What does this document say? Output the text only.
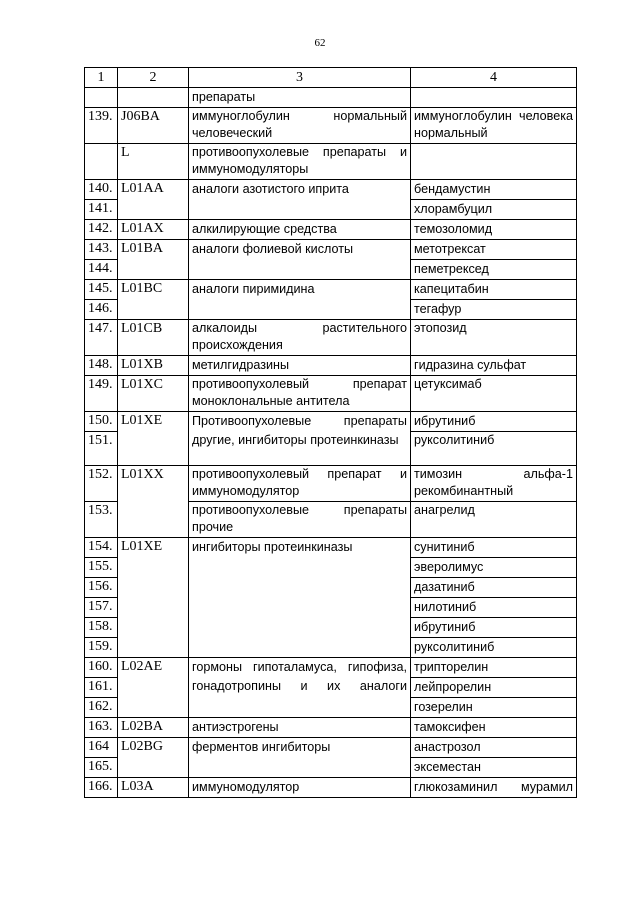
62
1	2	3	4
		препараты	
139.	J06BA	иммуноглобулин нормальный человеческий	иммуноглобулин человека нормальный
	L	противоопухолевые препараты и иммуномодуляторы	
140.	L01AA	аналоги азотистого иприта	бендамустин
141.			хлорамбуцил
142.	L01AX	алкилирующие средства	темозоломид
143.	L01BA	аналоги фолиевой кислоты	метотрексат
144.			пеметрексед
145.	L01BC	аналоги пиримидина	капецитабин
146.			тегафур
147.	L01CB	алкалоиды растительного происхождения	этопозид
148.	L01XB	метилгидразины	гидразина сульфат
149.	L01XC	противоопухолевый препарат моноклональные антитела	цетуксимаб
150.	L01XE	Противоопухолевые препараты другие, ингибиторы протеинкиназы	ибрутиниб
151.			руксолитиниб
152.	L01XX	противоопухолевый препарат и иммуномодулятор	тимозин альфа-1 рекомбинантный
153.		противоопухолевые препараты прочие	анагрелид
154.	L01XE	ингибиторы протеинкиназы	сунитиниб
155.			эверолимус
156.			дазатиниб
157.			нилотиниб
158.			ибрутиниб
159.			руксолитиниб
160.	L02AE	гормоны гипоталамуса, гипофиза, гонадотропины и их аналоги	трипторелин
161.			лейпрорелин
162.			гозерелин
163.	L02BA	антиэстрогены	тамоксифен
164	L02BG	ферментов ингибиторы	анастрозол
165.			эксеместан
166.	L03A	иммуномодулятор	глюкозаминил мурамил
